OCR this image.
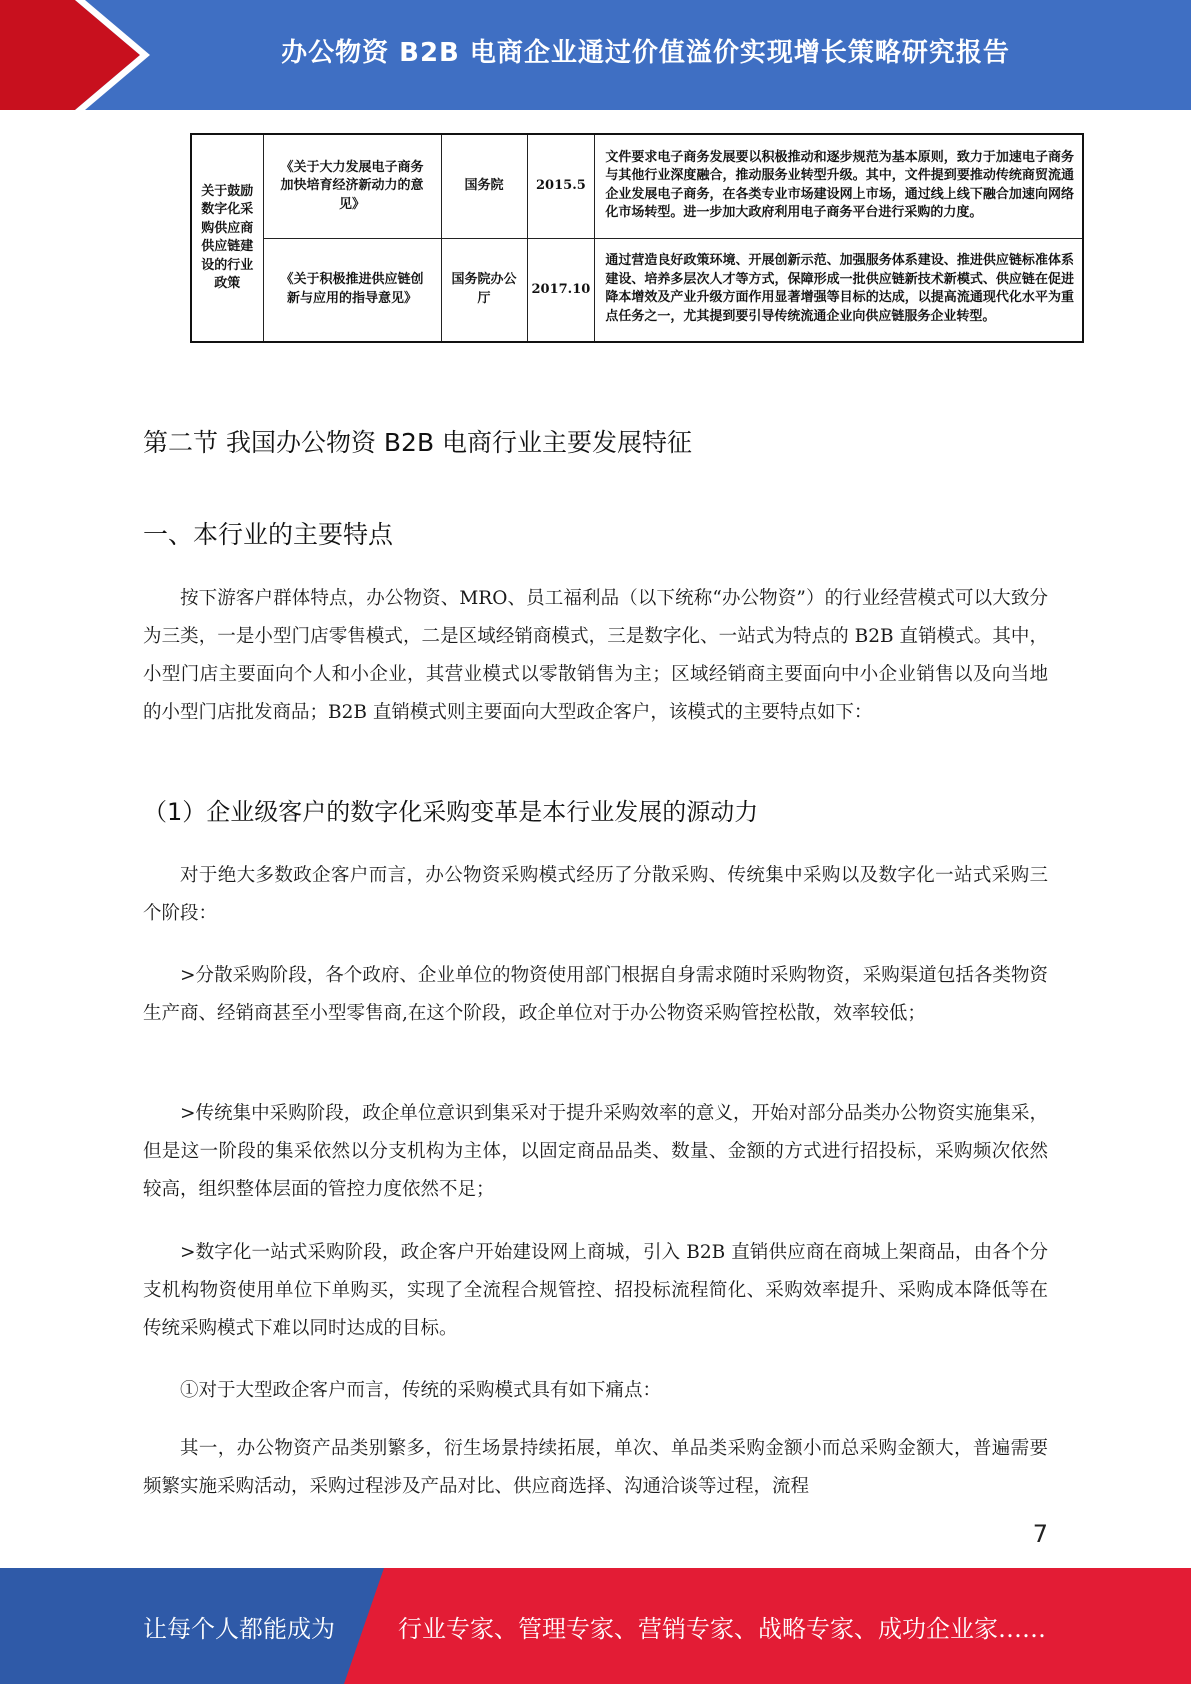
办公物资 B2B 电商企业通过价值溢价实现增长策略研究报告
关于鼓励数字化采购供应商供应链建设的行业政策	《关于大力发展电子商务加快培育经济新动力的意见》	国务院	2015.5	文件要求电子商务发展要以积极推动和逐步规范为基本原则，致力于加速电子商务与其他行业深度融合，推动服务业转型升级。其中，文件提到要推动传统商贸流通企业发展电子商务，在各类专业市场建设网上市场，通过线上线下融合加速向网络化市场转型。进一步加大政府利用电子商务平台进行采购的力度。
	《关于积极推进供应链创新与应用的指导意见》	国务院办公厅	2017.10	通过营造良好政策环境、开展创新示范、加强服务体系建设、推进供应链标准体系建设、培养多层次人才等方式，保障形成一批供应链新技术新模式、供应链在促进降本增效及产业升级方面作用显著增强等目标的达成，以提高流通现代化水平为重点任务之一，尤其提到要引导传统流通企业向供应链服务企业转型。
第二节 我国办公物资 B2B 电商行业主要发展特征
一、本行业的主要特点

按下游客户群体特点，办公物资、MRO、员工福利品（以下统称“办公物资”）的行业经营模式可以大致分为三类，一是小型门店零售模式，二是区域经销商模式，三是数字化、一站式为特点的 B2B 直销模式。其中，小型门店主要面向个人和小企业，其营业模式以零散销售为主；区域经销商主要面向中小企业销售以及向当地的小型门店批发商品；B2B 直销模式则主要面向大型政企客户，该模式的主要特点如下：

（1）企业级客户的数字化采购变革是本行业发展的源动力

对于绝大多数政企客户而言，办公物资采购模式经历了分散采购、传统集中采购以及数字化一站式采购三个阶段：

>分散采购阶段，各个政府、企业单位的物资使用部门根据自身需求随时采购物资，采购渠道包括各类物资生产商、经销商甚至小型零售商,在这个阶段，政企单位对于办公物资采购管控松散，效率较低；

>传统集中采购阶段，政企单位意识到集采对于提升采购效率的意义，开始对部分品类办公物资实施集采，但是这一阶段的集采依然以分支机构为主体，以固定商品品类、数量、金额的方式进行招投标，采购频次依然较高，组织整体层面的管控力度依然不足；

>数字化一站式采购阶段，政企客户开始建设网上商城，引入 B2B 直销供应商在商城上架商品，由各个分支机构物资使用单位下单购买，实现了全流程合规管控、招投标流程简化、采购效率提升、采购成本降低等在传统采购模式下难以同时达成的目标。

①对于大型政企客户而言，传统的采购模式具有如下痛点：

其一，办公物资产品类别繁多，衍生场景持续拓展，单次、单品类采购金额小而总采购金额大，普遍需要频繁实施采购活动，采购过程涉及产品对比、供应商选择、沟通洽谈等过程，流程

7
让每个人都能成为	行业专家、管理专家、营销专家、战略专家、成功企业家……
